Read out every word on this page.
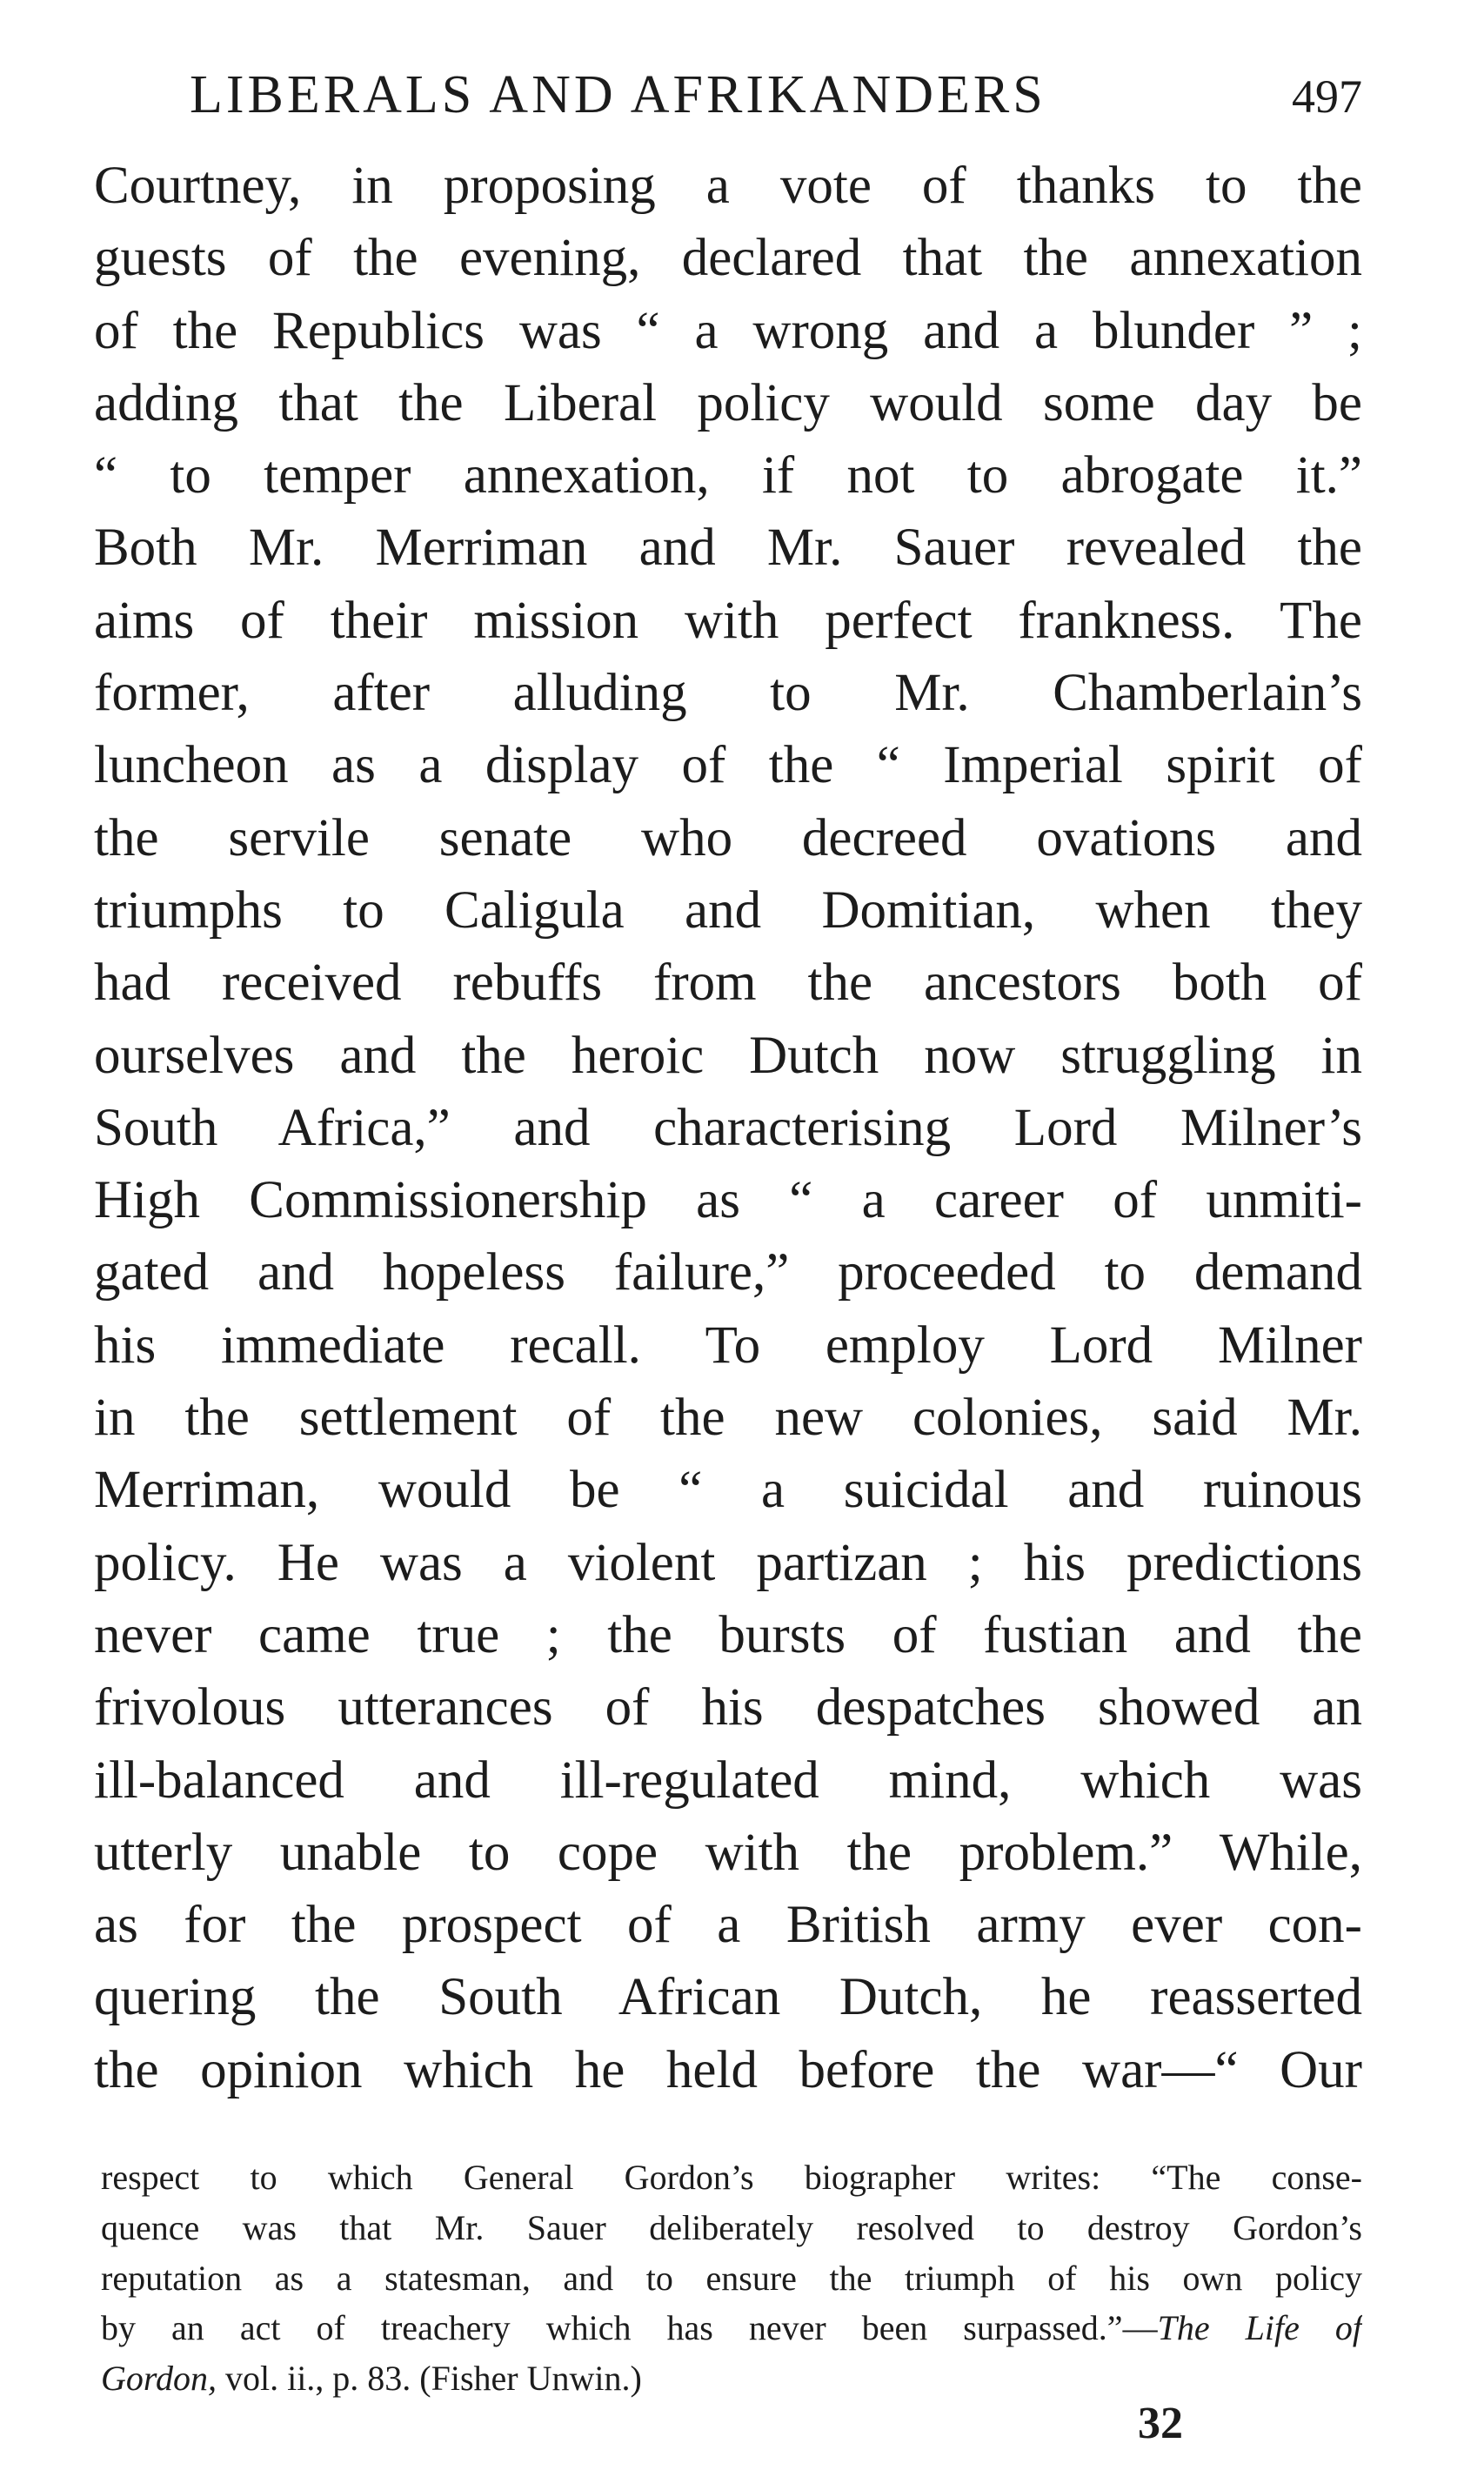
LIBERALS AND AFRIKANDERS	497
Courtney, in proposing a vote of thanks to the
guests of the evening, declared that the annexation
of the Republics was “ a wrong and a blunder ” ;
adding that the Liberal policy would some day be
“ to temper annexation, if not to abrogate it.”
Both Mr. Merriman and Mr. Sauer revealed the
aims of their mission with perfect frankness. The
former, after alluding to Mr. Chamberlain’s
luncheon as a display of the “ Imperial spirit of
the servile senate who decreed ovations and
triumphs to Caligula and Domitian, when they
had received rebuffs from the ancestors both of
ourselves and the heroic Dutch now struggling in
South Africa,” and characterising Lord Milner’s
High Commissionership as “ a career of unmiti-
gated and hopeless failure,” proceeded to demand
his immediate recall. To employ Lord Milner
in the settlement of the new colonies, said Mr.
Merriman, would be “ a suicidal and ruinous
policy. He was a violent partizan ; his predictions
never came true ; the bursts of fustian and the
frivolous utterances of his despatches showed an
ill-balanced and ill-regulated mind, which was
utterly unable to cope with the problem.” While,
as for the prospect of a British army ever con-
quering the South African Dutch, he reasserted
the opinion which he held before the war—“ Our
respect to which General Gordon’s biographer writes: “The conse-
quence was that Mr. Sauer deliberately resolved to destroy Gordon’s
reputation as a statesman, and to ensure the triumph of his own policy
by an act of treachery which has never been surpassed.”—The Life of
Gordon, vol. ii., p. 83. (Fisher Unwin.)
32
